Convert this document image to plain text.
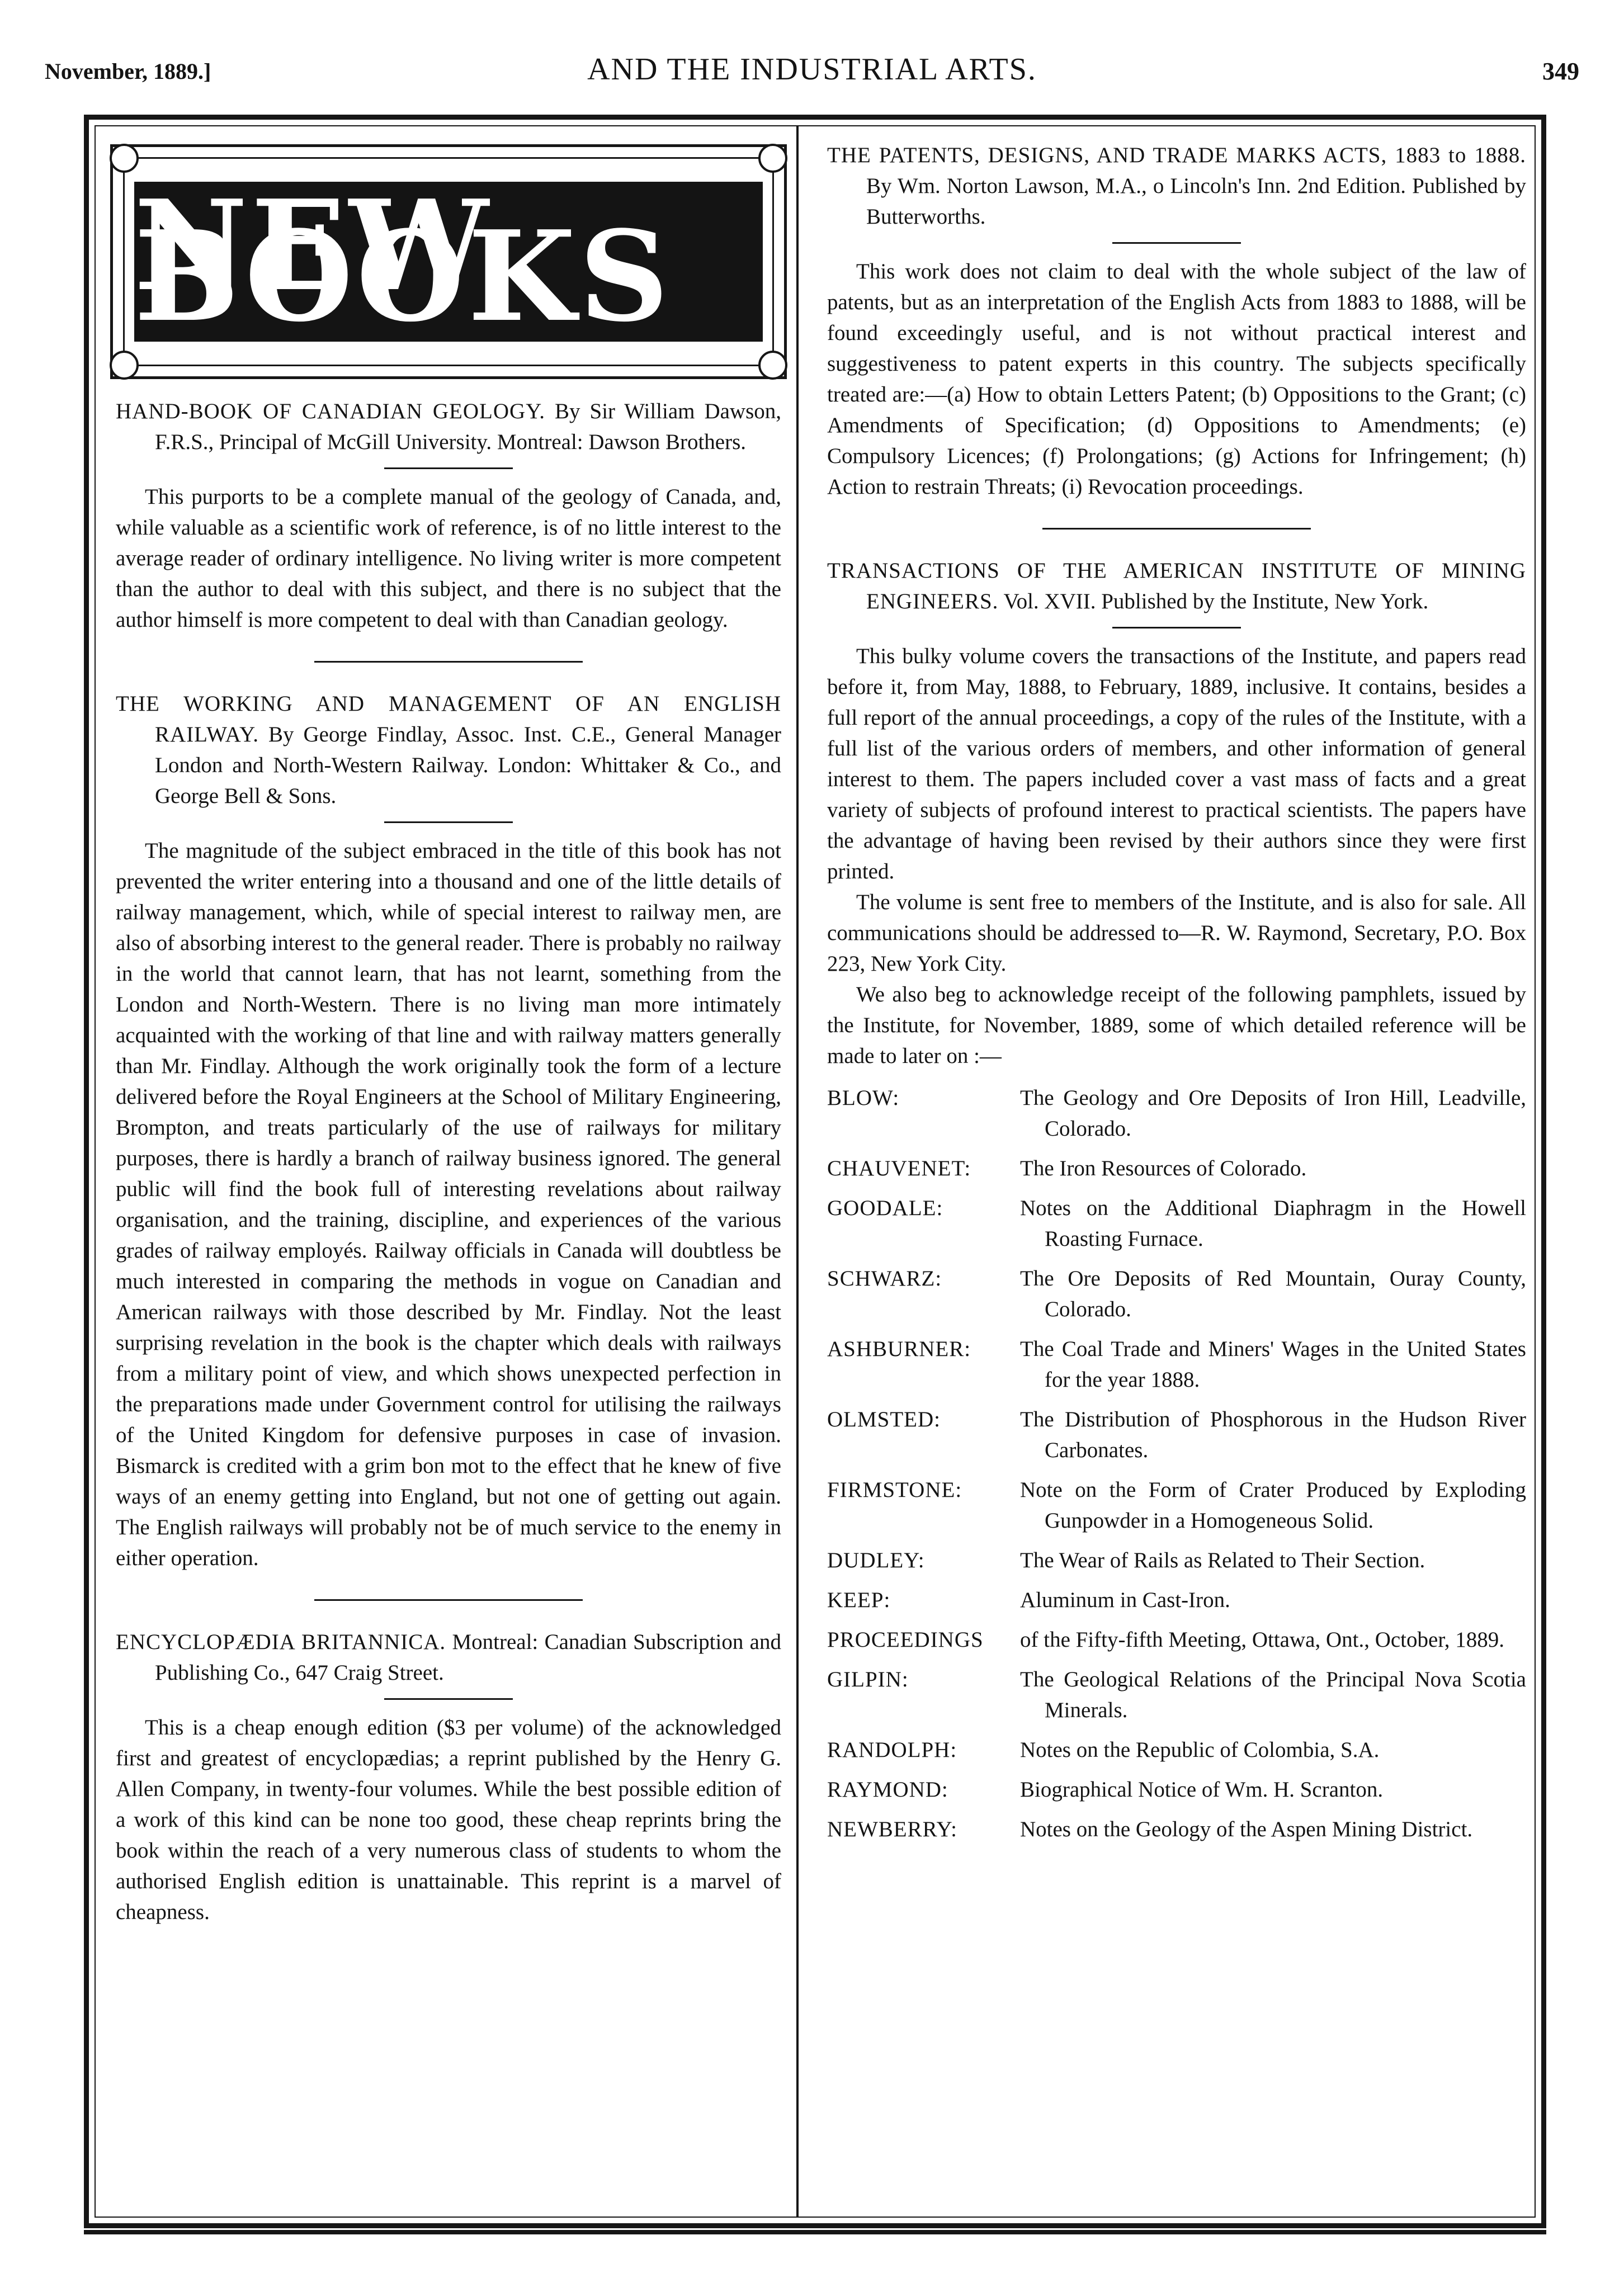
November, 1889.]	AND THE INDUSTRIAL ARTS.	349
NEW BOOKS

HAND-BOOK OF CANADIAN GEOLOGY. By Sir William Dawson, F.R.S., Principal of McGill University. Montreal: Dawson Brothers.

This purports to be a complete manual of the geology of Canada, and, while valuable as a scientific work of reference, is of no little interest to the average reader of ordinary intelligence. No living writer is more competent than the author to deal with this subject, and there is no subject that the author himself is more competent to deal with than Canadian geology.

THE WORKING AND MANAGEMENT OF AN ENGLISH RAILWAY. By George Findlay, Assoc. Inst. C.E., General Manager London and North-Western Railway. London: Whittaker & Co., and George Bell & Sons.

The magnitude of the subject embraced in the title of this book has not prevented the writer entering into a thousand and one of the little details of railway management, which, while of special interest to railway men, are also of absorbing interest to the general reader. There is probably no railway in the world that cannot learn, that has not learnt, something from the London and North-Western. There is no living man more intimately acquainted with the working of that line and with railway matters generally than Mr. Findlay. Although the work originally took the form of a lecture delivered before the Royal Engineers at the School of Military Engineering, Brompton, and treats particularly of the use of railways for military purposes, there is hardly a branch of railway business ignored. The general public will find the book full of interesting revelations about railway organisation, and the training, discipline, and experiences of the various grades of railway employés. Railway officials in Canada will doubtless be much interested in comparing the methods in vogue on Canadian and American railways with those described by Mr. Findlay. Not the least surprising revelation in the book is the chapter which deals with railways from a military point of view, and which shows unexpected perfection in the preparations made under Government control for utilising the railways of the United Kingdom for defensive purposes in case of invasion. Bismarck is credited with a grim bon mot to the effect that he knew of five ways of an enemy getting into England, but not one of getting out again. The English railways will probably not be of much service to the enemy in either operation.

ENCYCLOPÆDIA BRITANNICA. Montreal: Canadian Subscription and Publishing Co., 647 Craig Street.

This is a cheap enough edition ($3 per volume) of the acknowledged first and greatest of encyclopædias; a reprint published by the Henry G. Allen Company, in twenty-four volumes. While the best possible edition of a work of this kind can be none too good, these cheap reprints bring the book within the reach of a very numerous class of students to whom the authorised English edition is unattainable. This reprint is a marvel of cheapness.

THE PATENTS, DESIGNS, AND TRADE MARKS ACTS, 1883 to 1888. By Wm. Norton Lawson, M.A., o Lincoln's Inn. 2nd Edition. Published by Butterworths.

This work does not claim to deal with the whole subject of the law of patents, but as an interpretation of the English Acts from 1883 to 1888, will be found exceedingly useful, and is not without practical interest and suggestiveness to patent experts in this country. The subjects specifically treated are:—(a) How to obtain Letters Patent; (b) Oppositions to the Grant; (c) Amendments of Specification; (d) Oppositions to Amendments; (e) Compulsory Licences; (f) Prolongations; (g) Actions for Infringement; (h) Action to restrain Threats; (i) Revocation proceedings.

TRANSACTIONS OF THE AMERICAN INSTITUTE OF MINING ENGINEERS. Vol. XVII. Published by the Institute, New York.

This bulky volume covers the transactions of the Institute, and papers read before it, from May, 1888, to February, 1889, inclusive. It contains, besides a full report of the annual proceedings, a copy of the rules of the Institute, with a full list of the various orders of members, and other information of general interest to them. The papers included cover a vast mass of facts and a great variety of subjects of profound interest to practical scientists. The papers have the advantage of having been revised by their authors since they were first printed.

The volume is sent free to members of the Institute, and is also for sale. All communications should be addressed to—R. W. Raymond, Secretary, P.O. Box 223, New York City.

We also beg to acknowledge receipt of the following pamphlets, issued by the Institute, for November, 1889, some of which detailed reference will be made to later on :—

BLOW:	The Geology and Ore Deposits of Iron Hill, Leadville, Colorado.
CHAUVENET:	The Iron Resources of Colorado.
GOODALE:	Notes on the Additional Diaphragm in the Howell Roasting Furnace.
SCHWARZ:	The Ore Deposits of Red Mountain, Ouray County, Colorado.
ASHBURNER:	The Coal Trade and Miners' Wages in the United States for the year 1888.
OLMSTED:	The Distribution of Phosphorous in the Hudson River Carbonates.
FIRMSTONE:	Note on the Form of Crater Produced by Exploding Gunpowder in a Homogeneous Solid.
DUDLEY:	The Wear of Rails as Related to Their Section.
KEEP:	Aluminum in Cast-Iron.
PROCEEDINGS	of the Fifty-fifth Meeting, Ottawa, Ont., October, 1889.
GILPIN:	The Geological Relations of the Principal Nova Scotia Minerals.
RANDOLPH:	Notes on the Republic of Colombia, S.A.
RAYMOND:	Biographical Notice of Wm. H. Scranton.
NEWBERRY:	Notes on the Geology of the Aspen Mining District.
